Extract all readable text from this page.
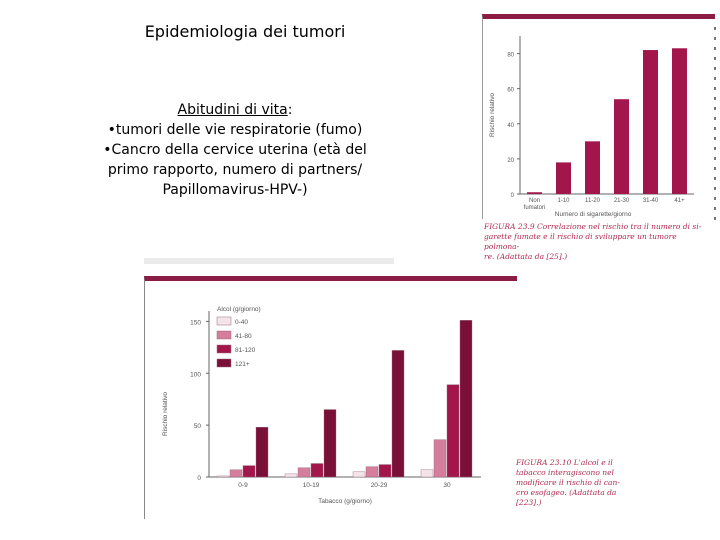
Epidemiologia dei tumori
Abitudini di vita:
•tumori delle vie respiratorie (fumo)
•Cancro della cervice uterina (età del
primo rapporto, numero di partners/
Papillomavirus-HPV-)	0
20
40
60
80
Non
fumatori
1-10	11-20 21-30 31-40	41+
Rischio relativo
Numero di sigarette/giorno
FIGURA 23.9 Correlazione nel rischio tra il numero di si-
garette fumate e il rischio di sviluppare un tumore polmona-
re. (Adattata da [25].)
0
50
100
150
0-9	10-19	20-29	30
Alcol (g/giorno)
0-40
41-80
81-120
121+
Rischio relativo
Tabacco (g/giorno)
FIGURA 23.10 L'alcol e il
tabacco interagiscono nel
modificare il rischio di can-
cro esofageo. (Adattata da
[223].)
